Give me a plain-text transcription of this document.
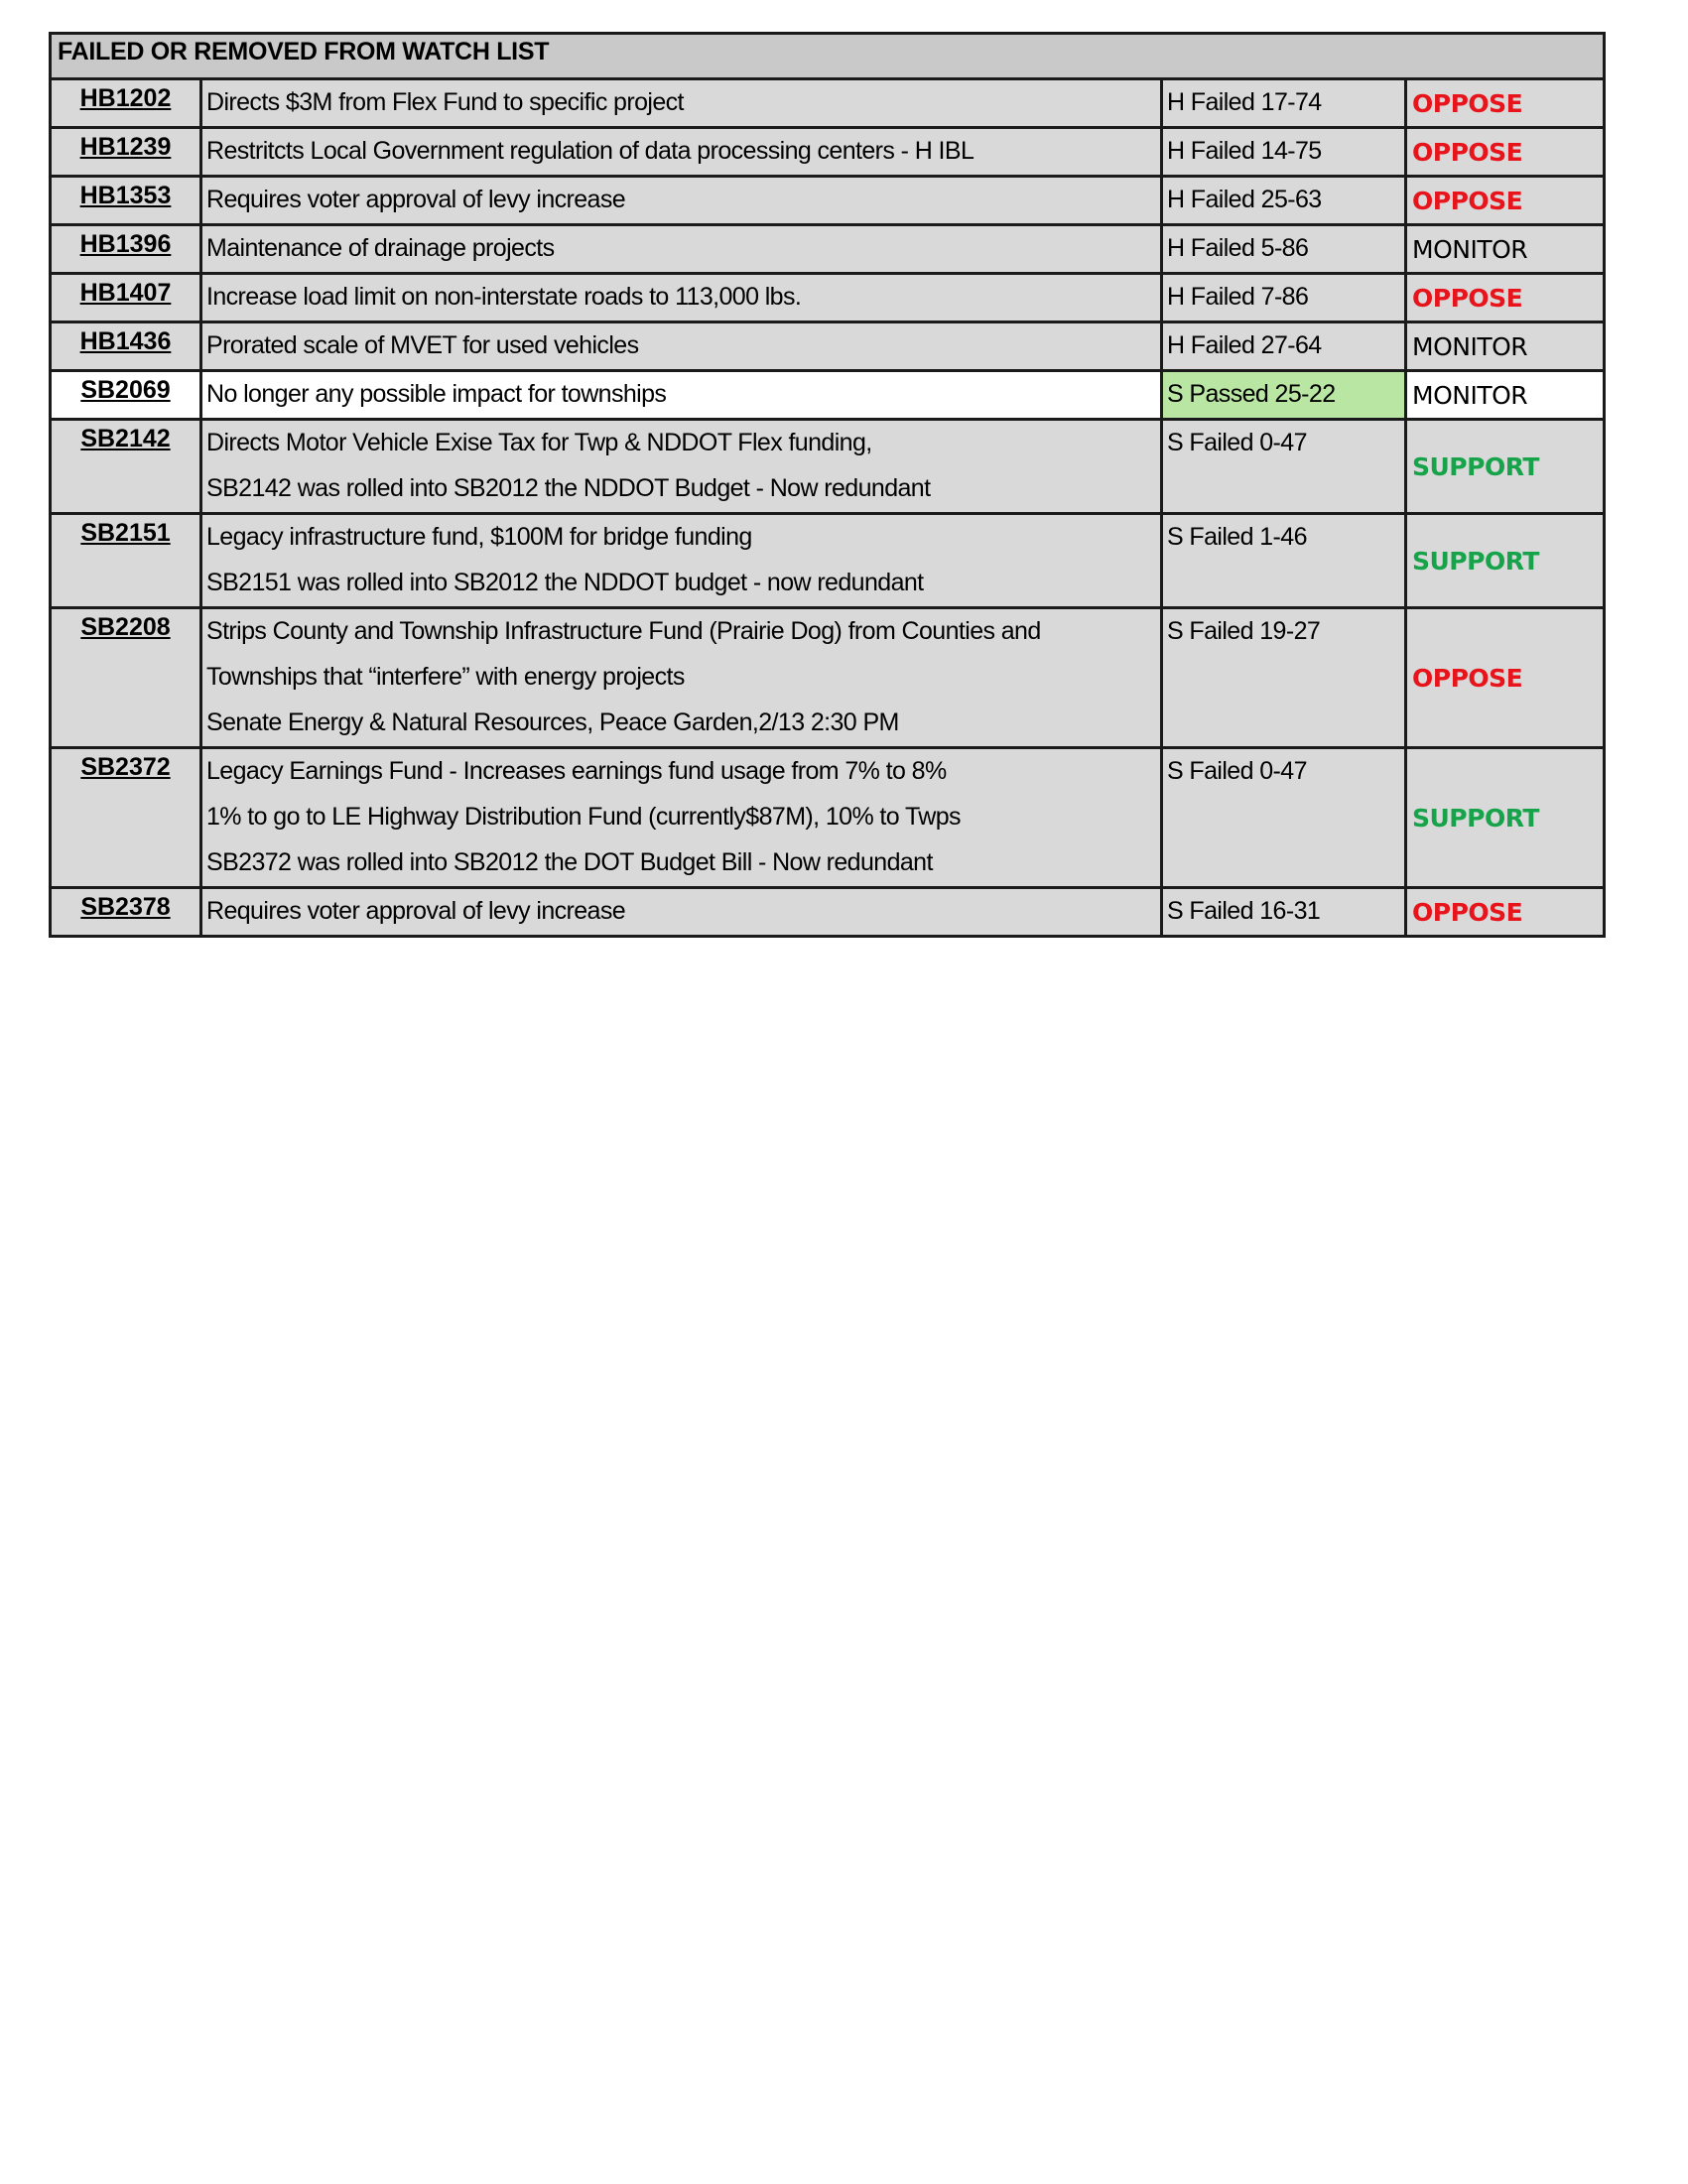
FAILED OR REMOVED FROM WATCH LIST			
HB1202	Directs $3M from Flex Fund to specific project	H Failed 17-74	OPPOSE
HB1239	Restritcts Local Government regulation of data processing centers - H IBL	H Failed 14-75	OPPOSE
HB1353	Requires voter approval of levy increase	H Failed 25-63	OPPOSE
HB1396	Maintenance of drainage projects	H Failed 5-86	MONITOR
HB1407	Increase load limit on non-interstate roads to 113,000 lbs.	H Failed 7-86	OPPOSE
HB1436	Prorated scale of MVET for used vehicles	H Failed 27-64	MONITOR
SB2069	No longer any possible impact for townships	S Passed 25-22	MONITOR
SB2142	Directs Motor Vehicle Exise Tax for Twp & NDDOT Flex funding,
SB2142 was rolled into SB2012 the NDDOT Budget - Now redundant	S Failed 0-47	SUPPORT
SB2151	Legacy infrastructure fund, $100M for bridge funding
SB2151 was rolled into SB2012 the NDDOT budget - now redundant	S Failed 1-46	SUPPORT
SB2208	Strips County and Township Infrastructure Fund (Prairie Dog) from Counties and
Townships that “interfere” with energy projects
Senate Energy & Natural Resources, Peace Garden,2/13 2:30 PM	S Failed 19-27	OPPOSE
SB2372	Legacy Earnings Fund - Increases earnings fund usage from 7% to 8%
1% to go to LE Highway Distribution Fund (currently$87M), 10% to Twps
SB2372 was rolled into SB2012 the DOT Budget Bill - Now redundant	S Failed 0-47	SUPPORT
SB2378	Requires voter approval of levy increase	S Failed 16-31	OPPOSE
